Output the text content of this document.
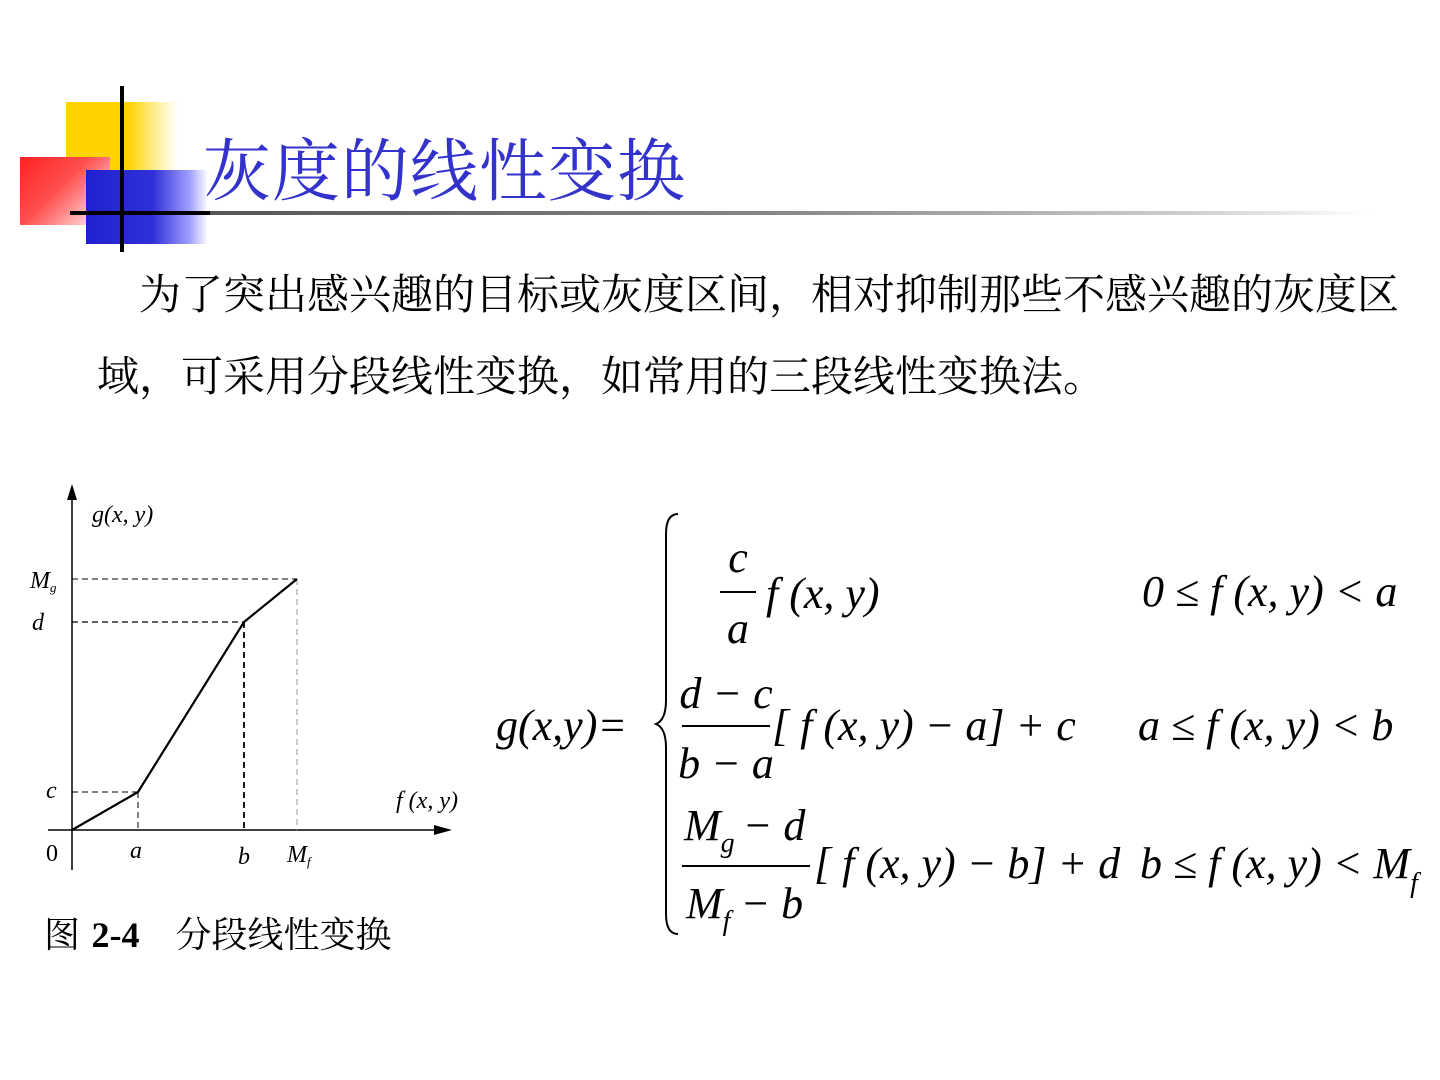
灰度的线性变换

 为了突出感兴趣的目标或灰度区间，相对抑制那些不感兴趣的灰度区域，可采用分段线性变换，如常用的三段线性变换法。

g(x, y)
f (x, y)
0	a	b $M_f$
c
d
$M_g$

图 2-4  分段线性变换

g(x,y)=
c
a
f (x, y)	0 ≤ f (x, y) < a
d − c
b − a
[ f (x, y) − a] + c a ≤ f (x, y) < b
Mg − d
Mf − b
[ f (x, y) − b] + d b ≤ f (x, y) < Mf
